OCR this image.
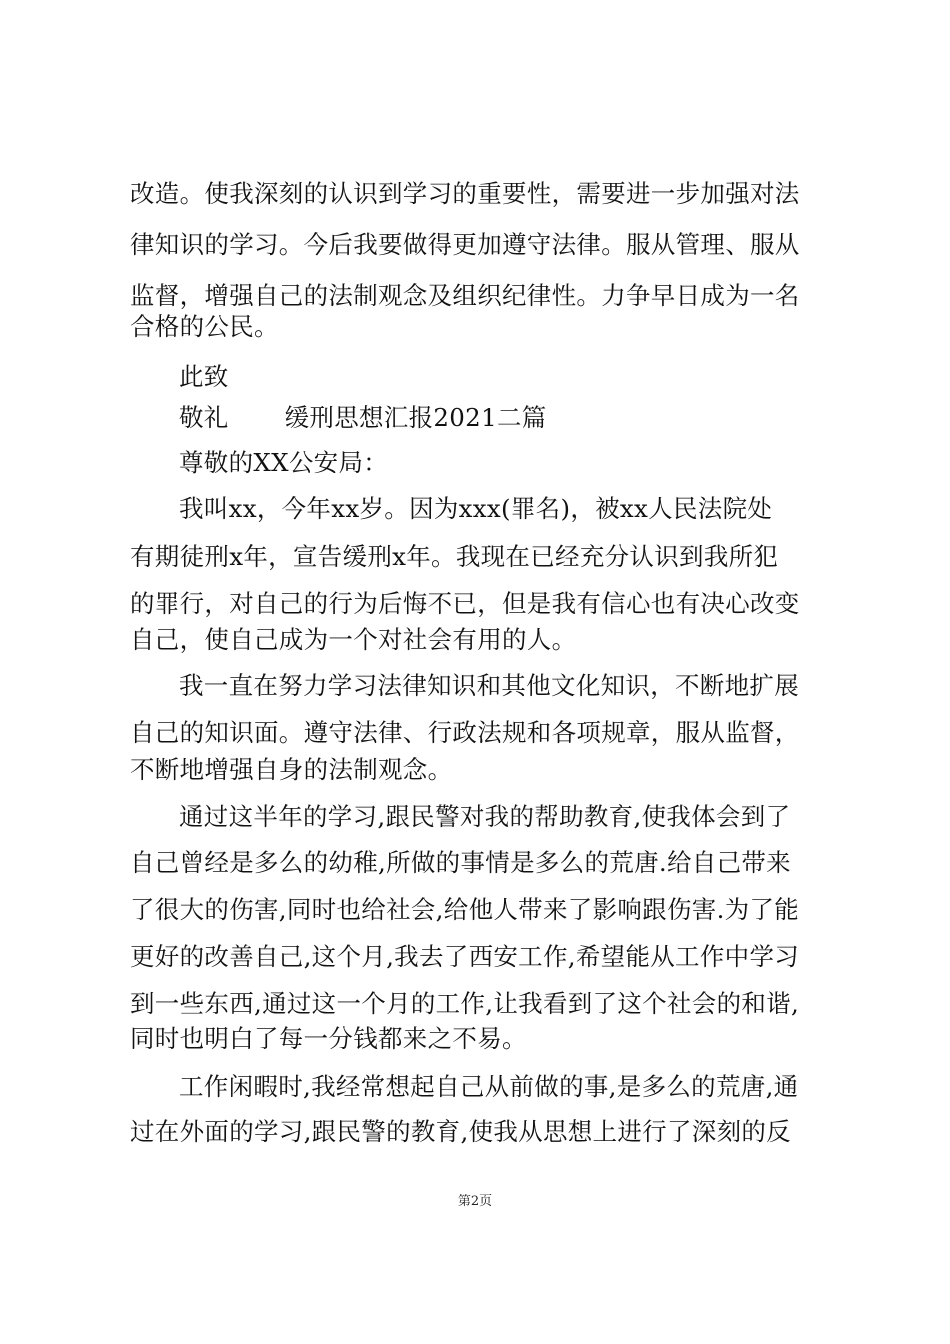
改造。使我深刻的认识到学习的重要性，需要进一步加强对法
律知识的学习。今后我要做得更加遵守法律。服从管理、服从
监督，增强自己的法制观念及组织纪律性。力争早日成为一名
合格的公民。
此致
敬礼 缓刑思想汇报2021二篇
尊敬的XX公安局：
我叫xx，今年xx岁。因为xxx(罪名)，被xx人民法院处
有期徒刑x年，宣告缓刑x年。我现在已经充分认识到我所犯
的罪行，对自己的行为后悔不已，但是我有信心也有决心改变
自己，使自己成为一个对社会有用的人。
我一直在努力学习法律知识和其他文化知识，不断地扩展
自己的知识面。遵守法律、行政法规和各项规章，服从监督，
不断地增强自身的法制观念。
通过这半年的学习,跟民警对我的帮助教育,使我体会到了
自己曾经是多么的幼稚,所做的事情是多么的荒唐.给自己带来
了很大的伤害,同时也给社会,给他人带来了影响跟伤害.为了能
更好的改善自己,这个月,我去了西安工作,希望能从工作中学习
到一些东西,通过这一个月的工作,让我看到了这个社会的和谐,
同时也明白了每一分钱都来之不易。
工作闲暇时,我经常想起自己从前做的事,是多么的荒唐,通
过在外面的学习,跟民警的教育,使我从思想上进行了深刻的反
第2页
